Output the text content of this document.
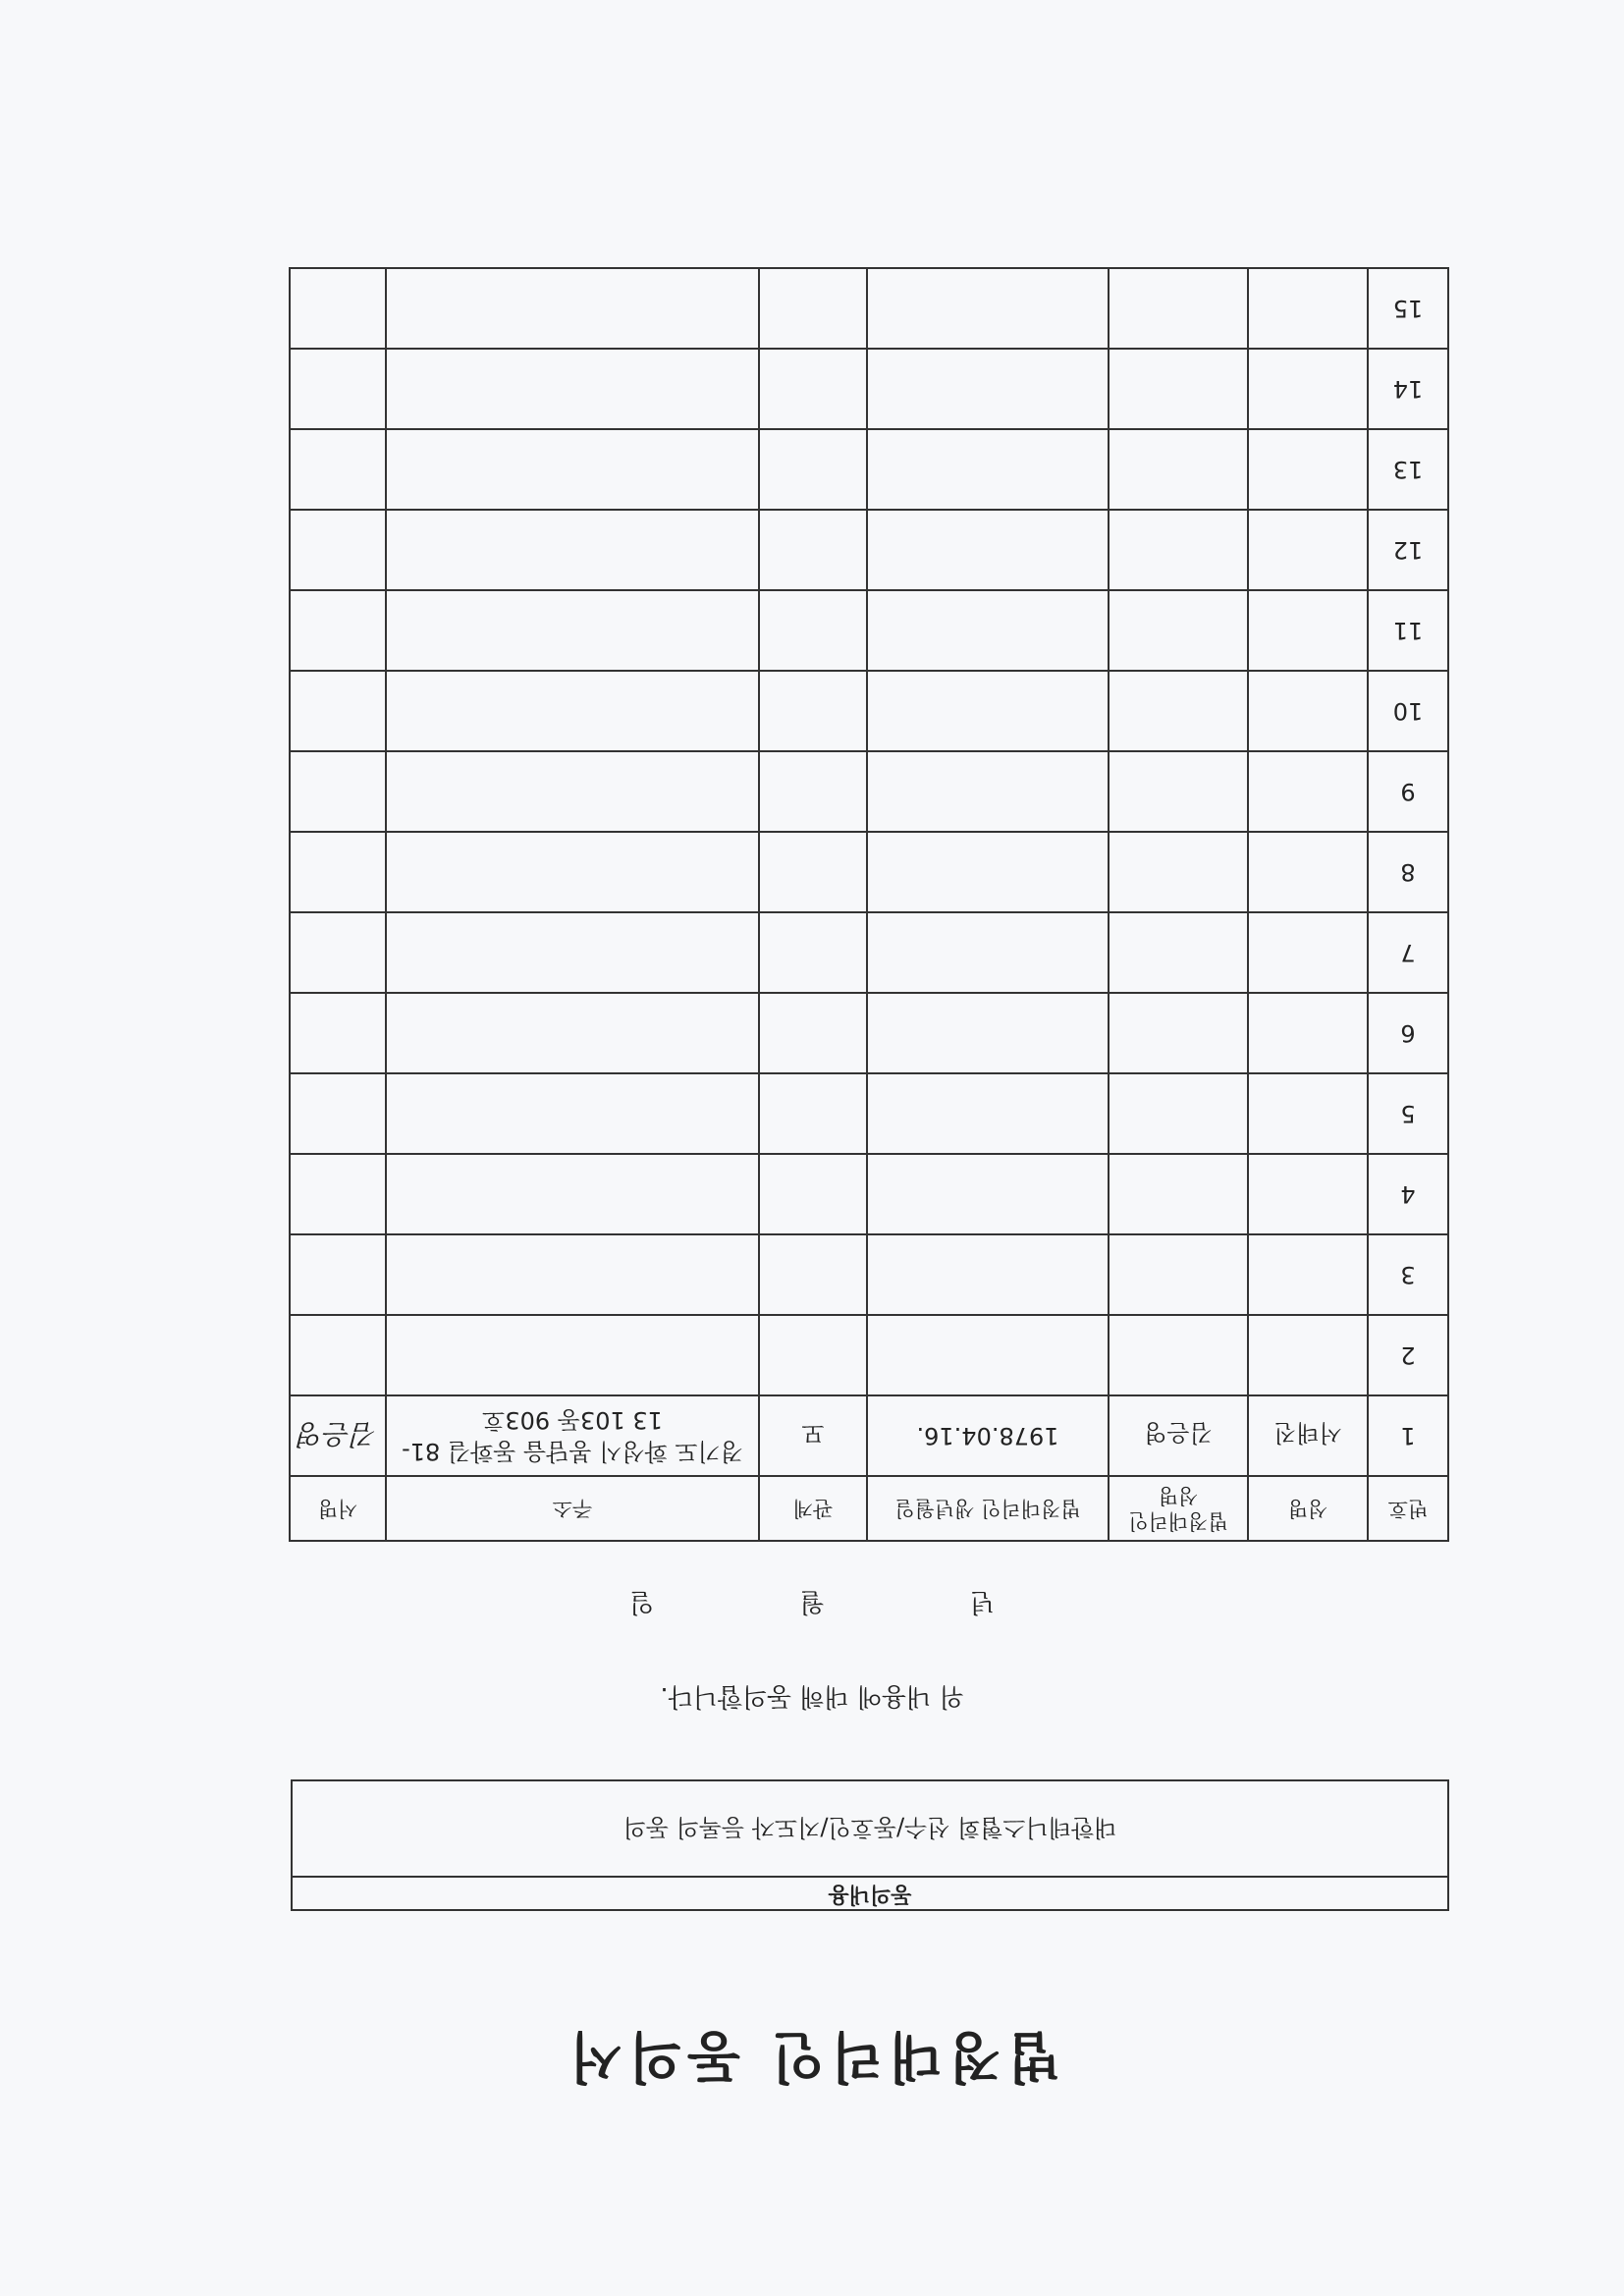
법정대리인 동의서
동의내용
대한테니스협회 선수/동호인/지도자 등록의 동의
위 내용에 대해 동의합니다.
년 월 일
번호	성명	법정대리인 성명	법정대리인 생년월일	관계	주소	서명
1	서태진	김은영	1978.04.16.	모	경기도 화성시 봉담읍 동화길 81-13 103동 903호	김은영
2						
3						
4						
5						
6						
7						
8						
9						
10						
11						
12						
13						
14						
15						
